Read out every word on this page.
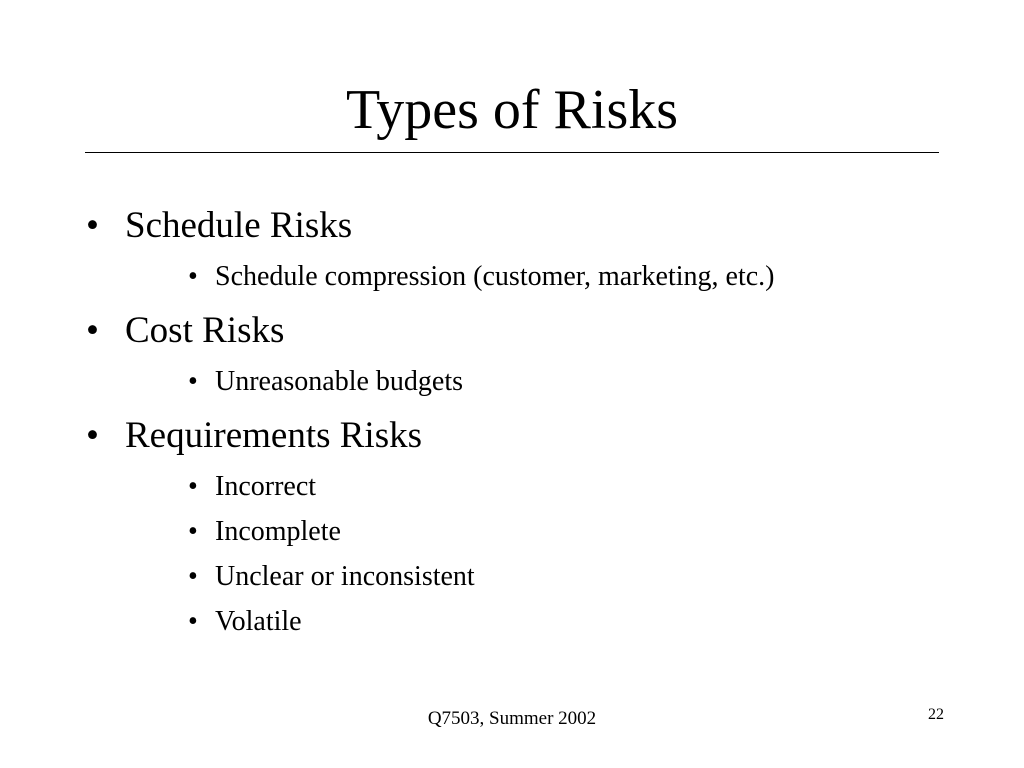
Types of Risks
• Schedule Risks
• Schedule compression (customer, marketing, etc.)
• Cost Risks
• Unreasonable budgets
• Requirements Risks
• Incorrect
• Incomplete
• Unclear or inconsistent
• Volatile
Q7503, Summer 2002	22
